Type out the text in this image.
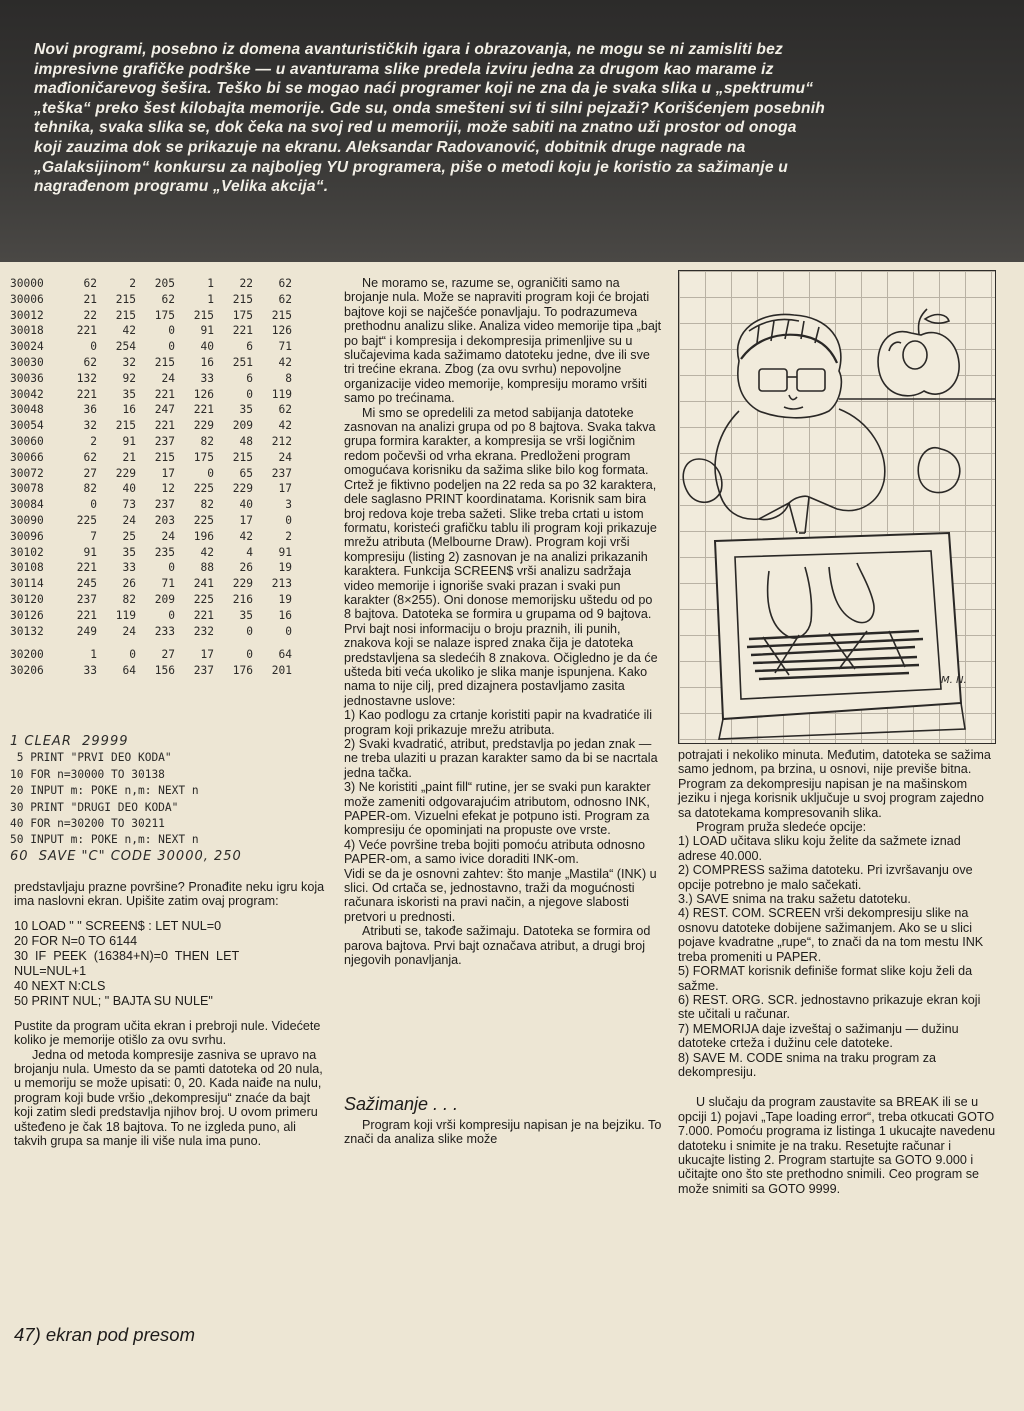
Novi programi, posebno iz domena avanturističkih igara i obrazovanja, ne mogu se ni zamisliti bez
impresivne grafičke podrške — u avanturama slike predela izviru jedna za drugom kao marame iz
mađioničarevog šešira. Teško bi se mogao naći programer koji ne zna da je svaka slika u „spektrumu“
„teška“ preko šest kilobajta memorije. Gde su, onda smešteni svi ti silni pejzaži? Korišćenjem posebnih
tehnika, svaka slika se, dok čeka na svoj red u memoriji, može sabiti na znatno uži prostor od onoga
koji zauzima dok se prikazuje na ekranu. Aleksandar Radovanović, dobitnik druge nagrade na
„Galaksijinom“ konkursu za najboljeg YU programera, piše o metodi koju je koristio za sažimanje u
nagrađenom programu „Velika akcija“.
30000	62	2	205	1	22	62
30006	21	215	62	1	215	62
30012	22	215	175	215	175	215
30018	221	42	0	91	221	126
30024	0	254	0	40	6	71
30030	62	32	215	16	251	42
30036	132	92	24	33	6	8
30042	221	35	221	126	0	119
30048	36	16	247	221	35	62
30054	32	215	221	229	209	42
30060	2	91	237	82	48	212
30066	62	21	215	175	215	24
30072	27	229	17	0	65	237
30078	82	40	12	225	229	17
30084	0	73	237	82	40	3
30090	225	24	203	225	17	0
30096	7	25	24	196	42	2
30102	91	35	235	42	4	91
30108	221	33	0	88	26	19
30114	245	26	71	241	229	213
30120	237	82	209	225	216	19
30126	221	119	0	221	35	16
30132	249	24	233	232	0	0
30200	1	0	27	17	0	64
30206	33	64	156	237	176	201
1 CLEAR  29999
5 PRINT "PRVI DEO KODA"
10 FOR n=30000 TO 30138
20 INPUT m: POKE n,m: NEXT n
30 PRINT "DRUGI DEO KODA"
40 FOR n=30200 TO 30211
50 INPUT m: POKE n,m: NEXT n
60  SAVE "C" CODE 30000, 250

predstavljaju prazne površine? Pronađite neku igru koja ima naslovni ekran. Upišite zatim ovaj program:

10 LOAD " " SCREEN$ : LET NUL=0
20 FOR N=0 TO 6144
30  IF  PEEK  (16384+N)=0  THEN  LET
NUL=NUL+1
40 NEXT N:CLS
50 PRINT NUL; " BAJTA SU NULE"

Pustite da program učita ekran i prebroji nule. Videćete koliko je memorije otišlo za ovu svrhu.

Jedna od metoda kompresije zasniva se upravo na brojanju nula. Umesto da se pamti datoteka od 20 nula, u memoriju se može upisati: 0, 20. Kada naiđe na nulu, program koji bude vršio „dekompresiju“ znaće da bajt koji zatim sledi predstavlja njihov broj. U ovom primeru ušteđeno je čak 18 bajtova. To ne izgleda puno, ali takvih grupa sa manje ili više nula ima puno.

47) ekran pod presom

Ne moramo se, razume se, ograničiti samo na brojanje nula. Može se napraviti program koji će brojati bajtove koji se najčešće ponavljaju. To podrazumeva prethodnu analizu slike. Analiza video memorije tipa „bajt po bajt“ i kompresija i dekompresija primenljive su u slučajevima kada sažimamo datoteku jedne, dve ili sve tri trećine ekrana. Zbog (za ovu svrhu) nepovoljne organizacije video memorije, kompresiju moramo vršiti samo po trećinama.

Mi smo se opredelili za metod sabijanja datoteke zasnovan na analizi grupa od po 8 bajtova. Svaka takva grupa formira karakter, a kompresija se vrši logičnim redom počevši od vrha ekrana. Predloženi program omogućava korisniku da sažima slike bilo kog formata. Crtež je fiktivno podeljen na 22 reda sa po 32 karaktera, dele saglasno PRINT koordinatama. Korisnik sam bira broj redova koje treba sažeti. Slike treba crtati u istom formatu, koristeći grafičku tablu ili program koji prikazuje mrežu atributa (Melbourne Draw). Program koji vrši kompresiju (listing 2) zasnovan je na analizi prikazanih karaktera. Funkcija SCREEN$ vrši analizu sadržaja video memorije i ignoriše svaki prazan i svaki pun karakter (8×255). Oni donose memorijsku uštedu od po 8 bajtova. Datoteka se formira u grupama od 9 bajtova. Prvi bajt nosi informaciju o broju praznih, ili punih, znakova koji se nalaze ispred znaka čija je datoteka predstavljena sa sledećih 8 znakova. Očigledno je da će ušteda biti veća ukoliko je slika manje ispunjena. Kako nama to nije cilj, pred dizajnera postavljamo zasita jednostavne uslove:

1) Kao podlogu za crtanje koristiti papir na kvadratiće ili program koji prikazuje mrežu atributa.

2) Svaki kvadratić, atribut, predstavlja po jedan znak — ne treba ulaziti u prazan karakter samo da bi se nacrtala jedna tačka.

3) Ne koristiti „paint fill“ rutine, jer se svaki pun karakter može zameniti odgovarajućim atributom, odnosno INK, PAPER-om. Vizuelni efekat je potpuno isti. Program za kompresiju će opominjati na propuste ove vrste.

4) Veće površine treba bojiti pomoću atributa odnosno PAPER-om, a samo ivice doraditi INK-om.

Vidi se da je osnovni zahtev: što manje „Mastila“ (INK) u slici. Od crtača se, jednostavno, traži da mogućnosti računara iskoristi na pravi način, a njegove slabosti pretvori u prednosti.

Atributi se, takođe sažimaju. Datoteka se formira od parova bajtova. Prvi bajt označava atribut, a drugi broj njegovih ponavljanja.

Sažimanje . . .

Program koji vrši kompresiju napisan je na bejziku. To znači da analiza slike može

M. N.

potrajati i nekoliko minuta. Međutim, datoteka se sažima samo jednom, pa brzina, u osnovi, nije previše bitna. Program za dekompresiju napisan je na mašinskom jeziku i njega korisnik uključuje u svoj program zajedno sa datotekama kompresovanih slika.

Program pruža sledeće opcije:

1) LOAD učitava sliku koju želite da sažmete iznad adrese 40.000.

2) COMPRESS sažima datoteku. Pri izvršavanju ove opcije potrebno je malo sačekati.

3.) SAVE snima na traku sažetu datoteku.

4) REST. COM. SCREEN vrši dekompresiju slike na osnovu datoteke dobijene sažimanjem. Ako se u slici pojave kvadratne „rupe“, to znači da na tom mestu INK treba promeniti u PAPER.

5) FORMAT korisnik definiše format slike koju želi da sažme.

6) REST. ORG. SCR. jednostavno prikazuje ekran koji ste učitali u računar.

7) MEMORIJA daje izveštaj o sažimanju — dužinu datoteke crteža i dužinu cele datoteke.

8) SAVE M. CODE snima na traku program za dekompresiju.

U slučaju da program zaustavite sa BREAK ili se u opciji 1) pojavi „Tape loading error“, treba otkucati GOTO 7.000. Pomoću programa iz listinga 1 ukucajte navedenu datoteku i snimite je na traku. Resetujte računar i ukucajte listing 2. Program startujte sa GOTO 9.000 i učitajte ono što ste prethodno snimili. Ceo program se može snimiti sa GOTO 9999.
